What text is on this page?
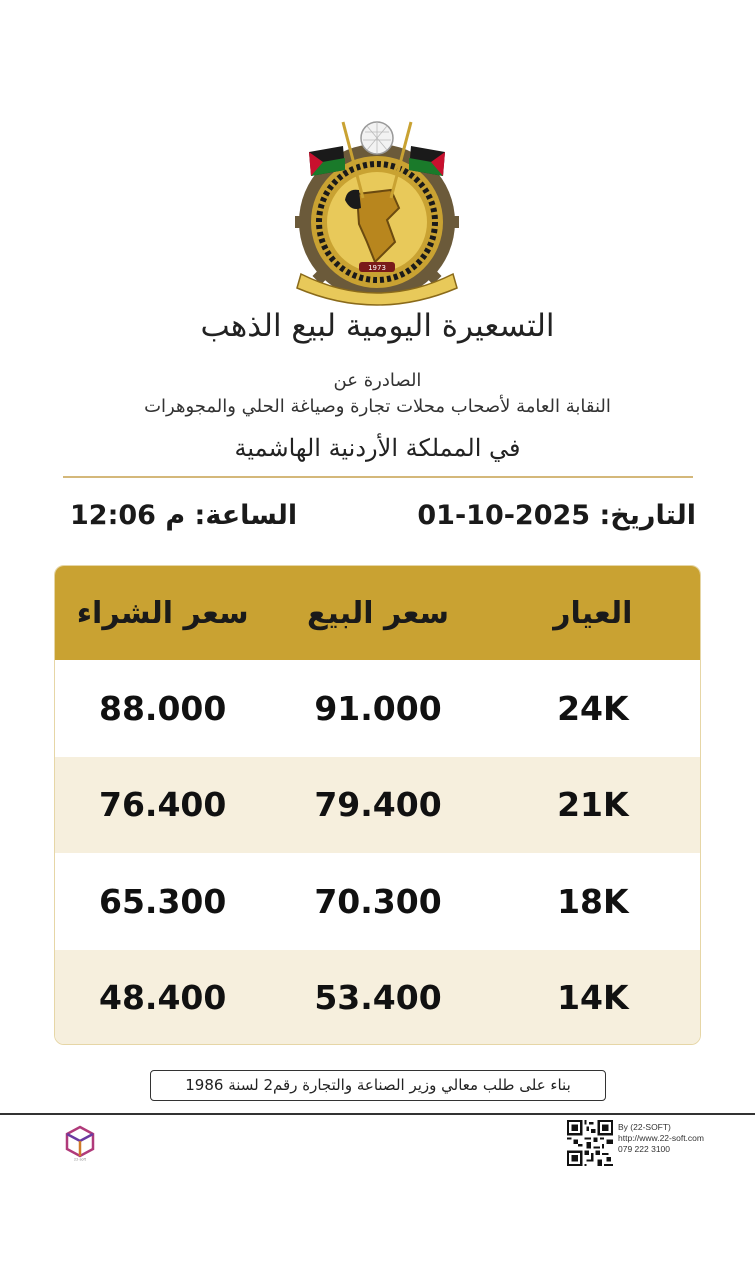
1973
التسعيرة اليومية لبيع الذهب
الصادرة عن
النقابة العامة لأصحاب محلات تجارة وصياغة الحلي والمجوهرات
في المملكة الأردنية الهاشمية
التاريخ: 01-10-2025
الساعة: 12:06 م
العيار
سعر البيع
سعر الشراء
24K
91.000
88.000
21K
79.400
76.400
18K
70.300
65.300
14K
53.400
48.400
بناء على طلب معالي وزير الصناعة والتجارة رقم2 لسنة 1986
22-soft
By (22-SOFT)
http://www.22-soft.com
079 222 3100
